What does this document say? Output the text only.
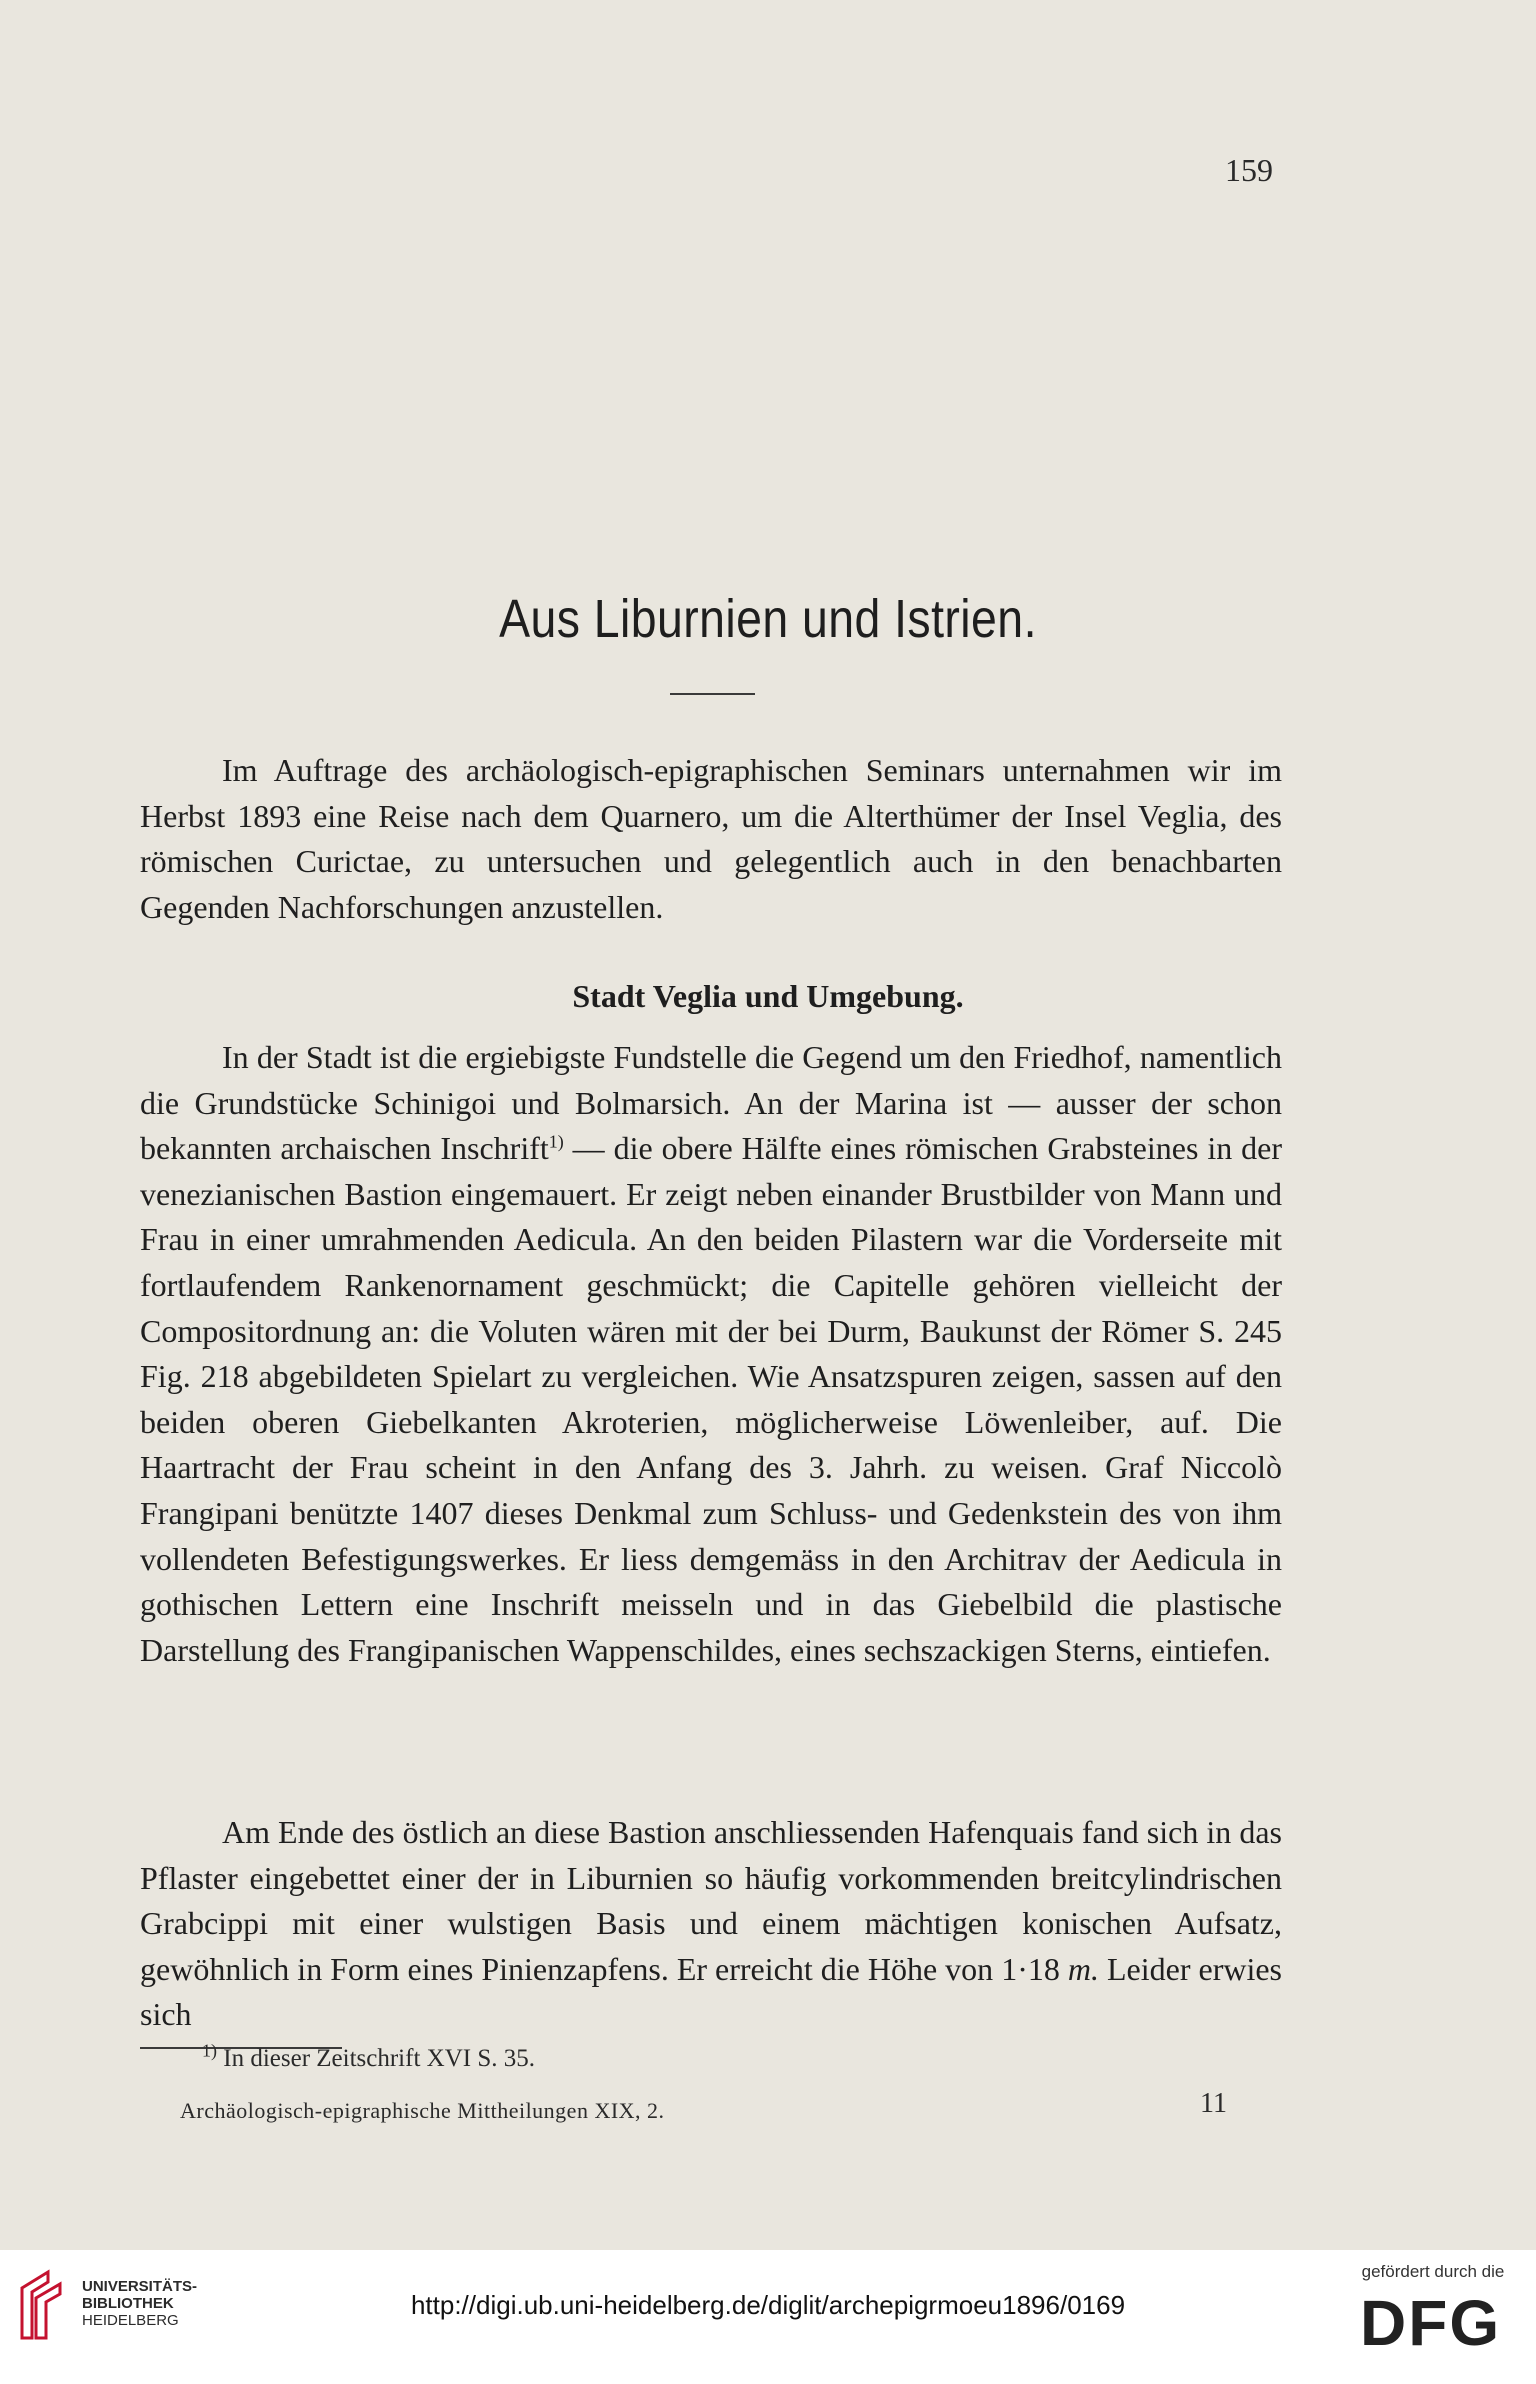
159
Aus Liburnien und Istrien.
Im Auftrage des archäologisch-epigraphischen Seminars unternahmen wir im Herbst 1893 eine Reise nach dem Quarnero, um die Alterthümer der Insel Veglia, des römischen Curictae, zu untersuchen und gelegentlich auch in den benachbarten Gegenden Nachforschungen anzustellen.
Stadt Veglia und Umgebung.
In der Stadt ist die ergiebigste Fundstelle die Gegend um den Friedhof, namentlich die Grundstücke Schinigoi und Bolmarsich. An der Marina ist — ausser der schon bekannten archaischen Inschrift$^{1)}$ — die obere Hälfte eines römischen Grabsteines in der venezianischen Bastion eingemauert. Er zeigt neben einander Brustbilder von Mann und Frau in einer umrahmenden Aedicula. An den beiden Pilastern war die Vorderseite mit fortlaufendem Rankenornament geschmückt; die Capitelle gehören vielleicht der Compositordnung an: die Voluten wären mit der bei Durm, Baukunst der Römer S. 245 Fig. 218 abgebildeten Spielart zu vergleichen. Wie Ansatzspuren zeigen, sassen auf den beiden oberen Giebelkanten Akroterien, möglicherweise Löwenleiber, auf. Die Haartracht der Frau scheint in den Anfang des 3. Jahrh. zu weisen. Graf Niccolò Frangipani benützte 1407 dieses Denkmal zum Schluss- und Gedenkstein des von ihm vollendeten Befestigungswerkes. Er liess demgemäss in den Architrav der Aedicula in gothischen Lettern eine Inschrift meisseln und in das Giebelbild die plastische Darstellung des Frangipanischen Wappenschildes, eines sechszackigen Sterns, eintiefen.
Am Ende des östlich an diese Bastion anschliessenden Hafenquais fand sich in das Pflaster eingebettet einer der in Liburnien so häufig vorkommenden breitcylindrischen Grabcippi mit einer wulstigen Basis und einem mächtigen konischen Aufsatz, gewöhnlich in Form eines Pinienzapfens. Er erreicht die Höhe von 1·18 m. Leider erwies sich
$^{1)}$ In dieser Zeitschrift XVI S. 35.
Archäologisch-epigraphische Mittheilungen XIX, 2.	11
UNIVERSITÄTS-
BIBLIOTHEK
HEIDELBERG
http://digi.ub.uni-heidelberg.de/diglit/archepigrmoeu1896/0169
gefördert durch die
DFG
